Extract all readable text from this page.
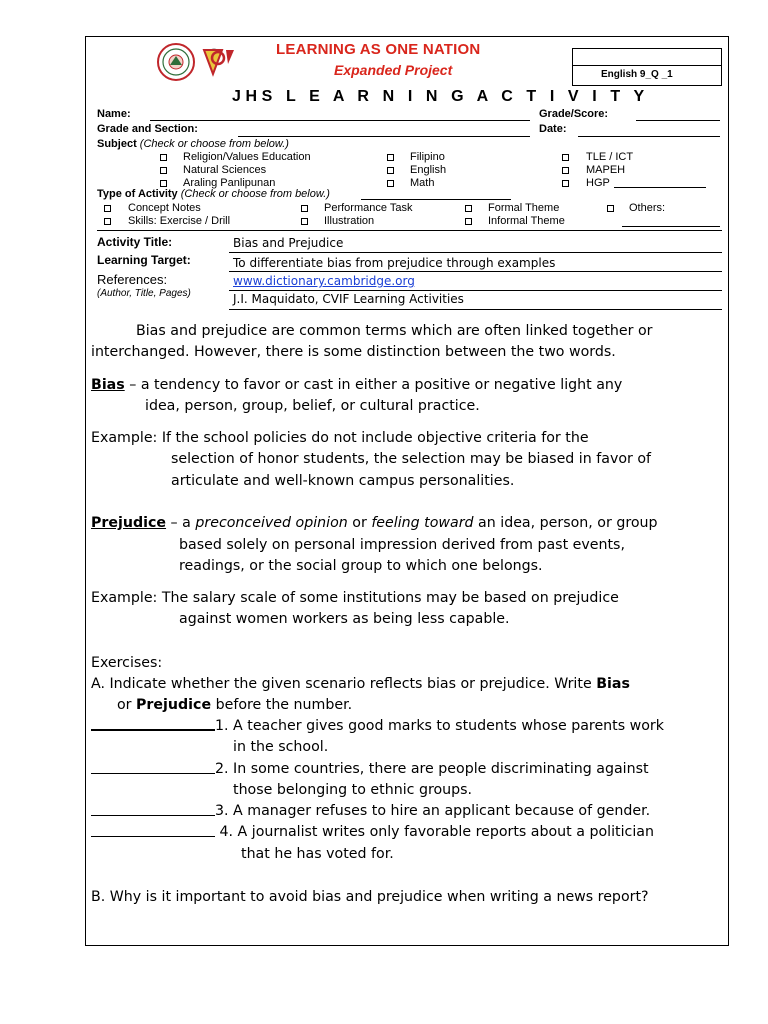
LEARNING AS ONE NATION
Expanded Project	English 9_Q _1
JHS L E A R N I N G A C T I V I T Y
Name:	Grade/Score:
Grade and Section:	Date:
Subject (Check or choose from below.)
Religion/Values Education	Filipino	TLE / ICT
Natural Sciences	English	MAPEH
Araling Panlipunan	Math	HGP
Type of Activity (Check or choose from below.)
Concept Notes	Performance Task	Formal Theme	Others:
Skills: Exercise / Drill	Illustration	Informal Theme
Activity Title:	Bias and Prejudice
Learning Target:	To differentiate bias from prejudice through examples
References:
(Author, Title, Pages)
www.dictionary.cambridge.org
J.I. Maquidato, CVIF Learning Activities
Bias and prejudice are common terms which are often linked together or
interchanged. However, there is some distinction between the two words.
Bias – a tendency to favor or cast in either a positive or negative light any
idea, person, group, belief, or cultural practice.
Example: If the school policies do not include objective criteria for the
selection of honor students, the selection may be biased in favor of
articulate and well-known campus personalities.
Prejudice – a preconceived opinion or feeling toward an idea, person, or group
based solely on personal impression derived from past events,
readings, or the social group to which one belongs.
Example: The salary scale of some institutions may be based on prejudice
against women workers as being less capable.
Exercises:
A. Indicate whether the given scenario reflects bias or prejudice. Write Bias
or Prejudice before the number.
1. A teacher gives good marks to students whose parents work
in the school.
2. In some countries, there are people discriminating against
those belonging to ethnic groups.
3. A manager refuses to hire an applicant because of gender.
4. A journalist writes only favorable reports about a politician
that he has voted for.
B. Why is it important to avoid bias and prejudice when writing a news report?
